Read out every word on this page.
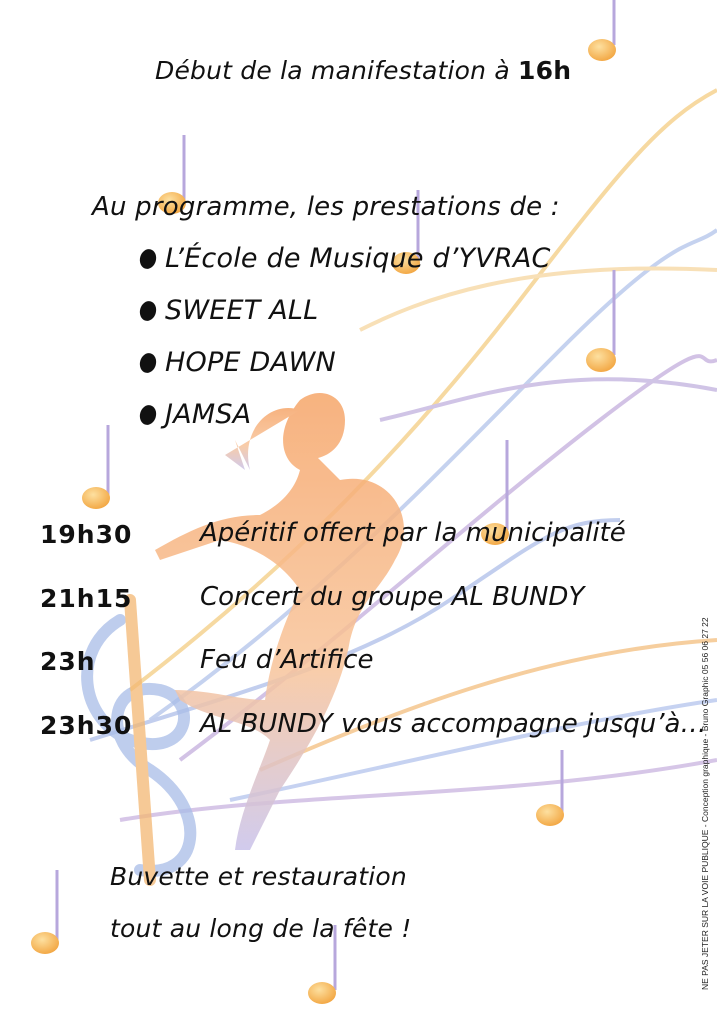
Début de la manifestation à 16h
Au programme, les prestations de :
L’École de Musique d’YVRAC
SWEET ALL
HOPE DAWN
JAMSA
19h30	Apéritif offert par la municipalité
21h15	Concert du groupe AL BUNDY
23h	Feu d’Artifice
23h30	AL BUNDY vous accompagne jusqu’à…
Buvette et restauration
tout au long de la fête !	NE PAS JETER SUR LA VOIE PUBLIQUE - Conception graphique - Bruno Graphic 05 56 06 27 22
